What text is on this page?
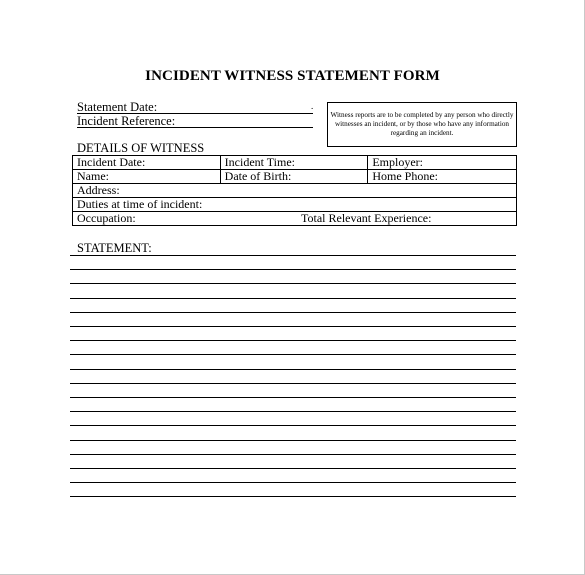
INCIDENT WITNESS STATEMENT FORM
Statement Date:	.
Incident Reference:	Witness reports are to be completed by any person who directly witnesses an incident, or by those who have any information regarding an incident.
DETAILS OF WITNESS
Incident Date:	Incident Time:	Employer:
Name:	Date of Birth:	Home Phone:
Address:		
Duties at time of incident:		
Occupation: Total Relevant Experience:		
STATEMENT:
